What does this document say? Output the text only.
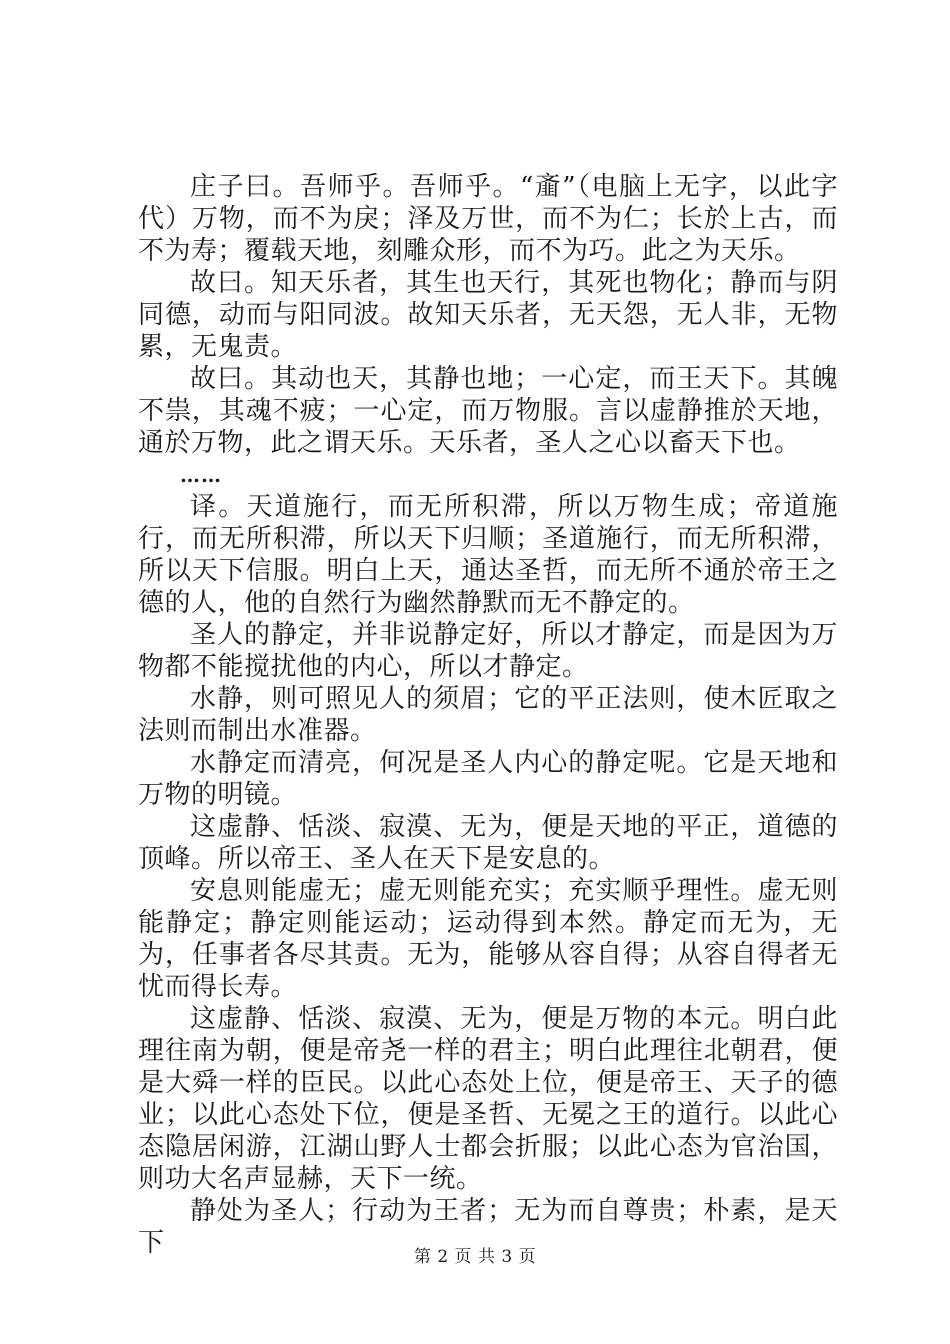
庄子曰。吾师乎。吾师乎。“齑”（电脑上无字，以此字代）万物，而不为戾；泽及万世，而不为仁；长於上古，而不为寿；覆载天地，刻雕众形，而不为巧。此之为天乐。

故曰。知天乐者，其生也天行，其死也物化；静而与阴同德，动而与阳同波。故知天乐者，无天怨，无人非，无物累，无鬼责。

故曰。其动也天，其静也地；一心定，而王天下。其魄不祟，其魂不疲；一心定，而万物服。言以虚静推於天地，通於万物，此之谓天乐。天乐者，圣人之心以畜天下也。

……

译。天道施行，而无所积滞，所以万物生成；帝道施行，而无所积滞，所以天下归顺；圣道施行，而无所积滞，所以天下信服。明白上天，通达圣哲，而无所不通於帝王之德的人，他的自然行为幽然静默而无不静定的。

圣人的静定，并非说静定好，所以才静定，而是因为万物都不能搅扰他的内心，所以才静定。

水静，则可照见人的须眉；它的平正法则，使木匠取之法则而制出水准器。

水静定而清亮，何况是圣人内心的静定呢。它是天地和万物的明镜。

这虚静、恬淡、寂漠、无为，便是天地的平正，道德的顶峰。所以帝王、圣人在天下是安息的。

安息则能虚无；虚无则能充实；充实顺乎理性。虚无则能静定；静定则能运动；运动得到本然。静定而无为，无为，任事者各尽其责。无为，能够从容自得；从容自得者无忧而得长寿。

这虚静、恬淡、寂漠、无为，便是万物的本元。明白此理往南为朝，便是帝尧一样的君主；明白此理往北朝君，便是大舜一样的臣民。以此心态处上位，便是帝王、天子的德业；以此心态处下位，便是圣哲、无冕之王的道行。以此心态隐居闲游，江湖山野人士都会折服；以此心态为官治国，则功大名声显赫，天下一统。

静处为圣人；行动为王者；无为而自尊贵；朴素，是天下	第 2 页 共 3 页
